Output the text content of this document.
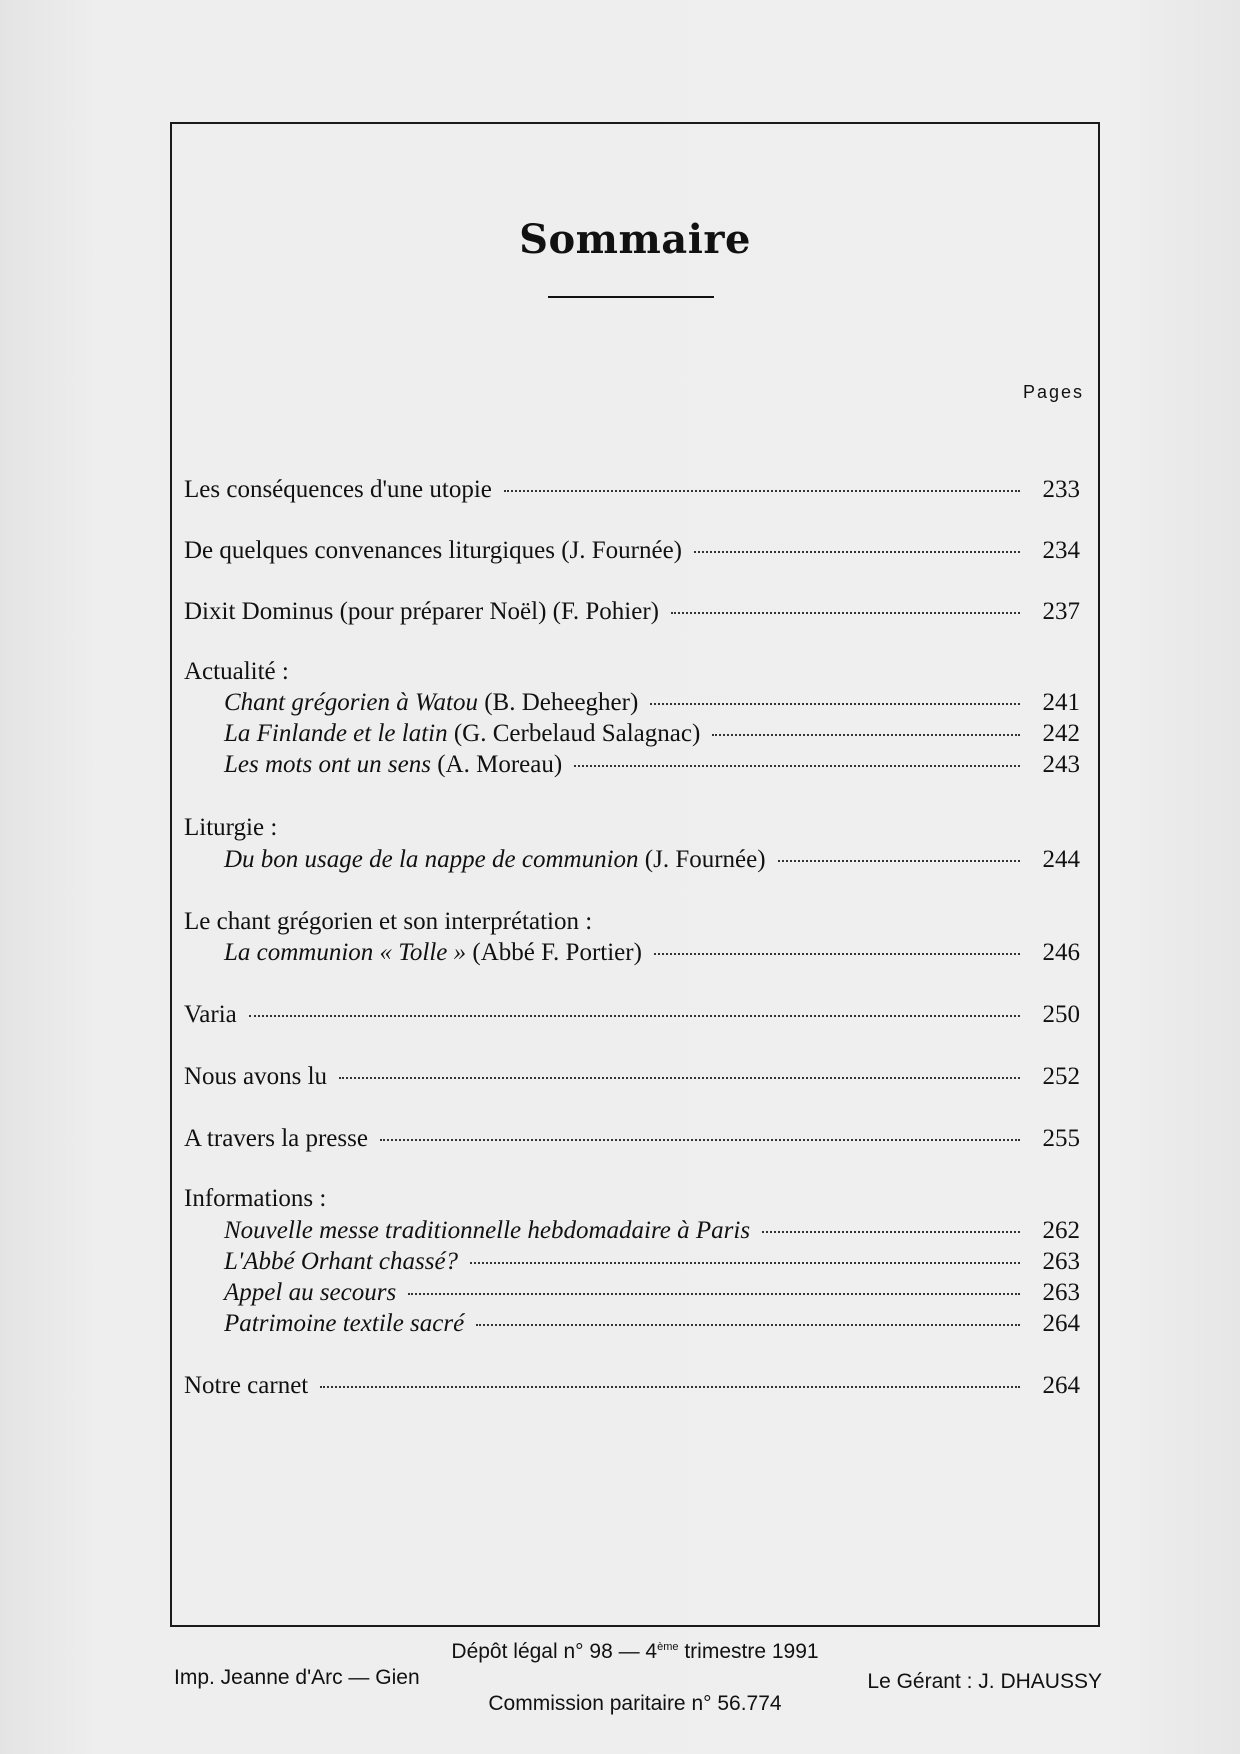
Sommaire
Pages
Les conséquences d'une utopie	233
De quelques convenances liturgiques (J. Fournée)	234
Dixit Dominus (pour préparer Noël) (F. Pohier)	237
Actualité :
Chant grégorien à Watou (B. Deheegher)	241
La Finlande et le latin (G. Cerbelaud Salagnac)	242
Les mots ont un sens (A. Moreau)	243
Liturgie :
Du bon usage de la nappe de communion (J. Fournée)	244
Le chant grégorien et son interprétation :
La communion « Tolle » (Abbé F. Portier)	246
Varia	250
Nous avons lu	252
A travers la presse	255
Informations :
Nouvelle messe traditionnelle hebdomadaire à Paris	262
L'Abbé Orhant chassé?	263
Appel au secours	263
Patrimoine textile sacré	264
Notre carnet	264
Dépôt légal n° 98 — 4ème trimestre 1991
Imp. Jeanne d'Arc — Gien	Le Gérant : J. DHAUSSY
Commission paritaire n° 56.774
